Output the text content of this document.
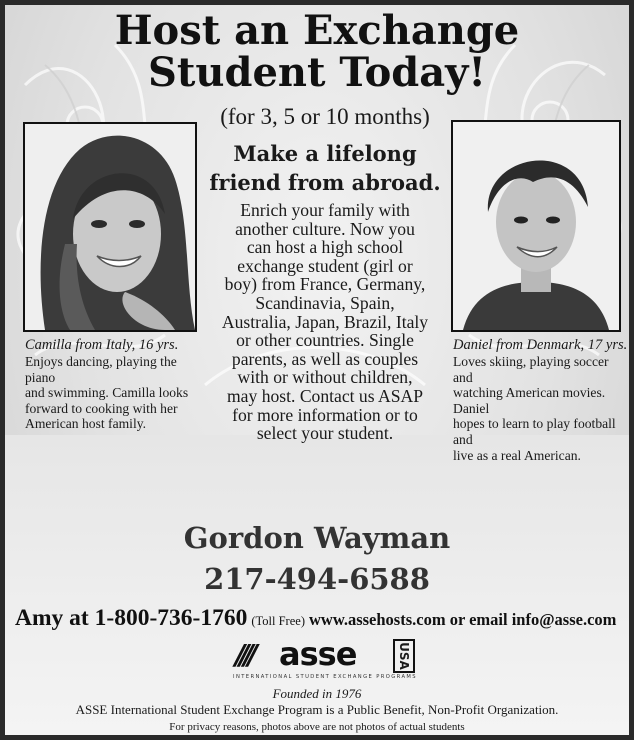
Host an Exchange
Student Today!
(for 3, 5 or 10 months)
Make a lifelong
friend from abroad.
Enrich your family with
another culture. Now you
can host a high school
exchange student (girl or
boy) from France, Germany,
Scandinavia, Spain,
Australia, Japan, Brazil, Italy
or other countries. Single
parents, as well as couples
with or without children,
may host. Contact us ASAP
for more information or to
select your student.
Camilla from Italy, 16 yrs.
Enjoys dancing, playing the piano
and swimming. Camilla looks
forward to cooking with her
American host family.
Daniel from Denmark, 17 yrs.
Loves skiing, playing soccer and
watching American movies. Daniel
hopes to learn to play football and
live as a real American.
Gordon Wayman
217-494-6588
Amy at 1-800-736-1760 (Toll Free) www.assehosts.com or email info@asse.com
//// asse	USA
INTERNATIONAL STUDENT EXCHANGE PROGRAMS
Founded in 1976
ASSE International Student Exchange Program is a Public Benefit, Non-Profit Organization.
For privacy reasons, photos above are not photos of actual students
